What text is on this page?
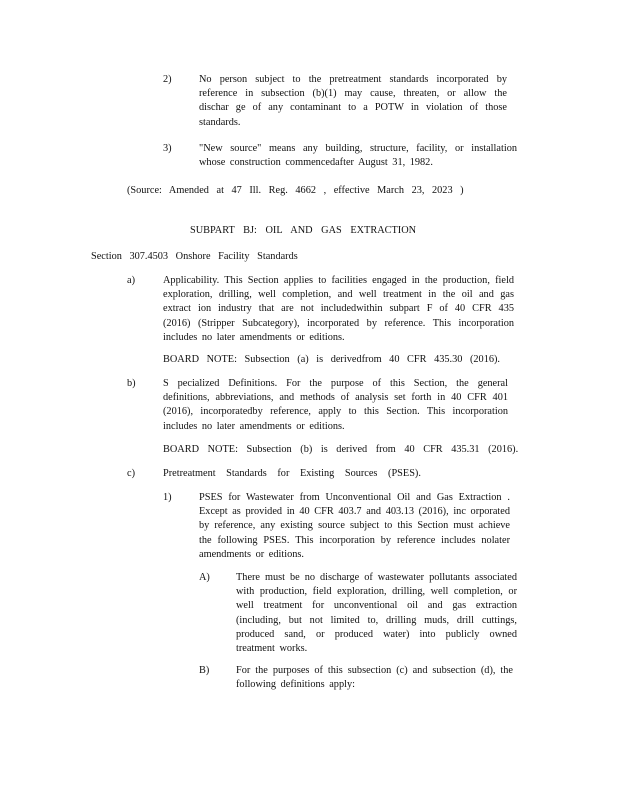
2)	No person subject to the pretreatment standards incorporated by reference in subsection (b)(1) may cause, threaten, or allow the dischar ge of any contaminant to a POTW in violation of those standards.
3)	"New source" means any building, structure, facility, or installation whose construction commencedafter August 31, 1982.
(Source: Amended at 47 Ill. Reg. 4662 , effective March 23, 2023 )
SUBPART BJ: OIL AND GAS EXTRACTION
Section 307.4503 Onshore Facility Standards
a)	Applicability. This Section applies to facilities engaged in the production, field exploration, drilling, well completion, and well treatment in the oil and gas extract ion industry that are not includedwithin subpart F of 40 CFR 435 (2016) (Stripper Subcategory), incorporated by reference. This incorporation includes no later amendments or editions.
BOARD NOTE: Subsection (a) is derivedfrom 40 CFR 435.30 (2016).
b)	S pecialized Definitions. For the purpose of this Section, the general definitions, abbreviations, and methods of analysis set forth in 40 CFR 401 (2016), incorporatedby reference, apply to this Section. This incorporation includes no later amendments or editions.
BOARD NOTE: Subsection (b) is derived from 40 CFR 435.31 (2016).
c)	Pretreatment Standards for Existing Sources (PSES).
1)	PSES for Wastewater from Unconventional Oil and Gas Extraction . Except as provided in 40 CFR 403.7 and 403.13 (2016), inc orporated by reference, any existing source subject to this Section must achieve the following PSES. This incorporation by reference includes nolater amendments or editions.
A)	There must be no discharge of wastewater pollutants associated with production, field exploration, drilling, well completion, or well treatment for unconventional oil and gas extraction (including, but not limited to, drilling muds, drill cuttings, produced sand, or produced water) into publicly owned treatment works.
B)	For the purposes of this subsection (c) and subsection (d), the following definitions apply:
